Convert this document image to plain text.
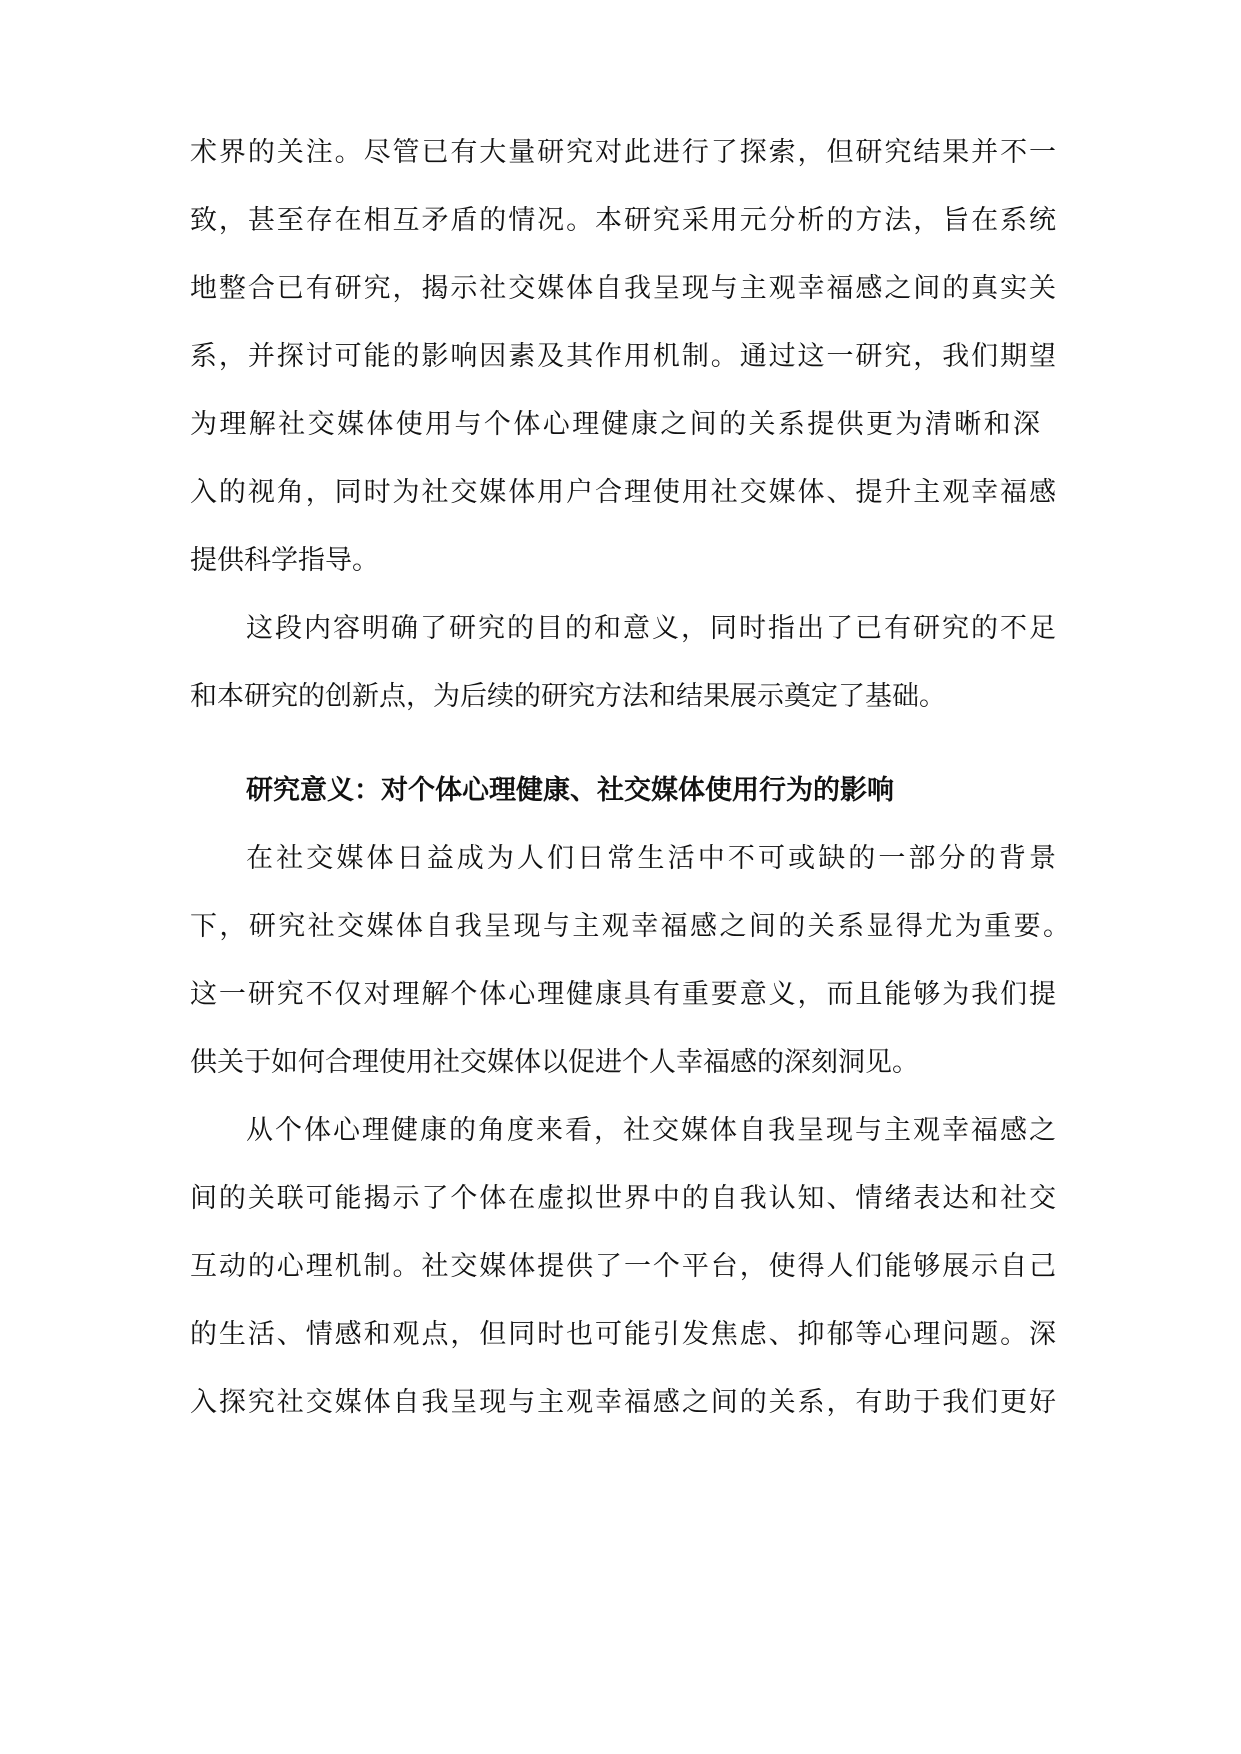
术界的关注。尽管已有大量研究对此进行了探索，但研究结果并不一
致，甚至存在相互矛盾的情况。本研究采用元分析的方法，旨在系统
地整合已有研究，揭示社交媒体自我呈现与主观幸福感之间的真实关
系，并探讨可能的影响因素及其作用机制。通过这一研究，我们期望
为理解社交媒体使用与个体心理健康之间的关系提供更为清晰和深
入的视角，同时为社交媒体用户合理使用社交媒体、提升主观幸福感
提供科学指导。
这段内容明确了研究的目的和意义，同时指出了已有研究的不足
和本研究的创新点，为后续的研究方法和结果展示奠定了基础。
研究意义：对个体心理健康、社交媒体使用行为的影响
在社交媒体日益成为人们日常生活中不可或缺的一部分的背景
下，研究社交媒体自我呈现与主观幸福感之间的关系显得尤为重要。
这一研究不仅对理解个体心理健康具有重要意义，而且能够为我们提
供关于如何合理使用社交媒体以促进个人幸福感的深刻洞见。
从个体心理健康的角度来看，社交媒体自我呈现与主观幸福感之
间的关联可能揭示了个体在虚拟世界中的自我认知、情绪表达和社交
互动的心理机制。社交媒体提供了一个平台，使得人们能够展示自己
的生活、情感和观点，但同时也可能引发焦虑、抑郁等心理问题。深
入探究社交媒体自我呈现与主观幸福感之间的关系，有助于我们更好
